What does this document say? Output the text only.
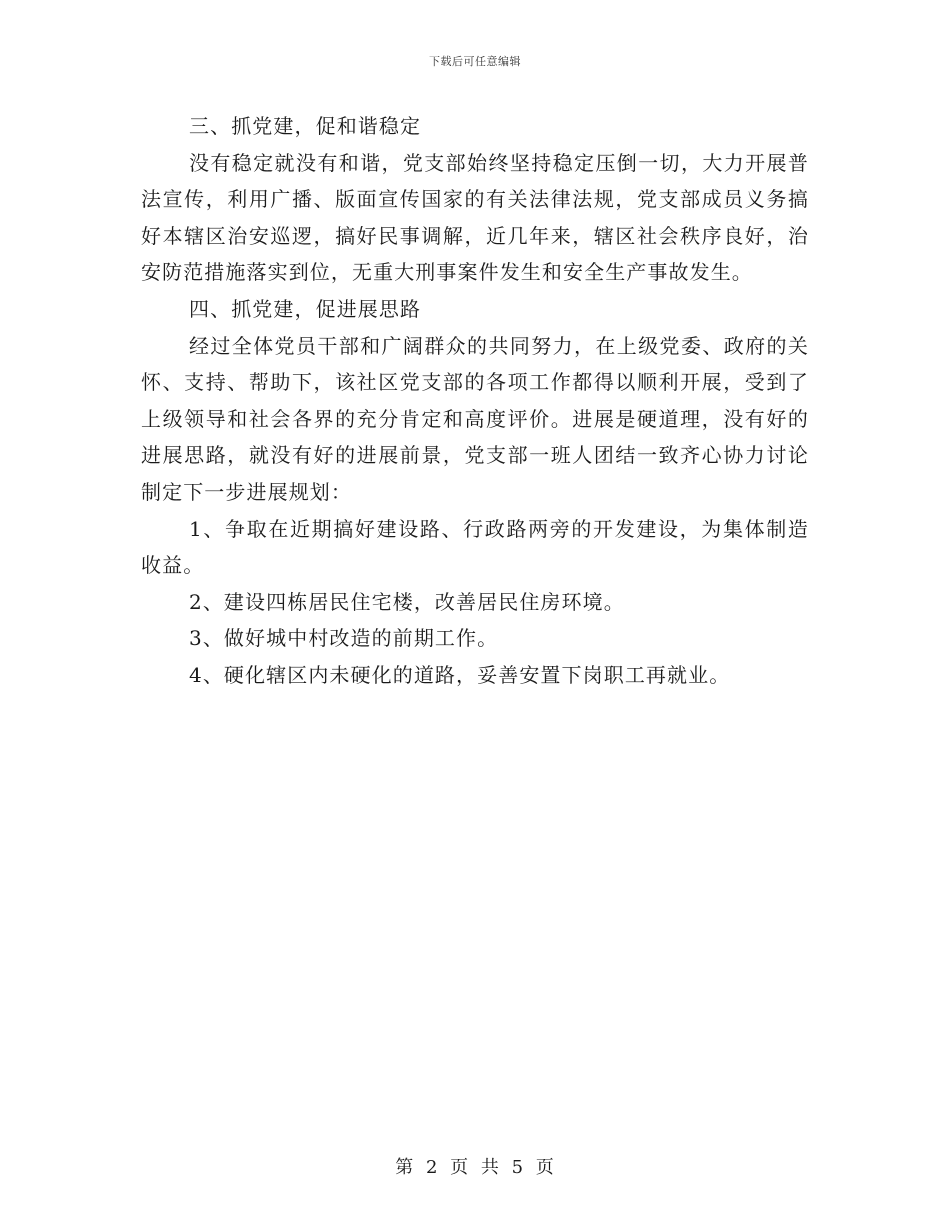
下载后可任意编辑

三、抓党建，促和谐稳定

没有稳定就没有和谐，党支部始终坚持稳定压倒一切，大力开展普法宣传，利用广播、版面宣传国家的有关法律法规，党支部成员义务搞好本辖区治安巡逻，搞好民事调解，近几年来，辖区社会秩序良好，治安防范措施落实到位，无重大刑事案件发生和安全生产事故发生。

四、抓党建，促进展思路

经过全体党员干部和广阔群众的共同努力，在上级党委、政府的关怀、支持、帮助下，该社区党支部的各项工作都得以顺利开展，受到了上级领导和社会各界的充分肯定和高度评价。进展是硬道理，没有好的进展思路，就没有好的进展前景，党支部一班人团结一致齐心协力讨论制定下一步进展规划：

1、争取在近期搞好建设路、行政路两旁的开发建设，为集体制造收益。

2、建设四栋居民住宅楼，改善居民住房环境。

3、做好城中村改造的前期工作。

4、硬化辖区内未硬化的道路，妥善安置下岗职工再就业。

第 2 页 共 5 页
